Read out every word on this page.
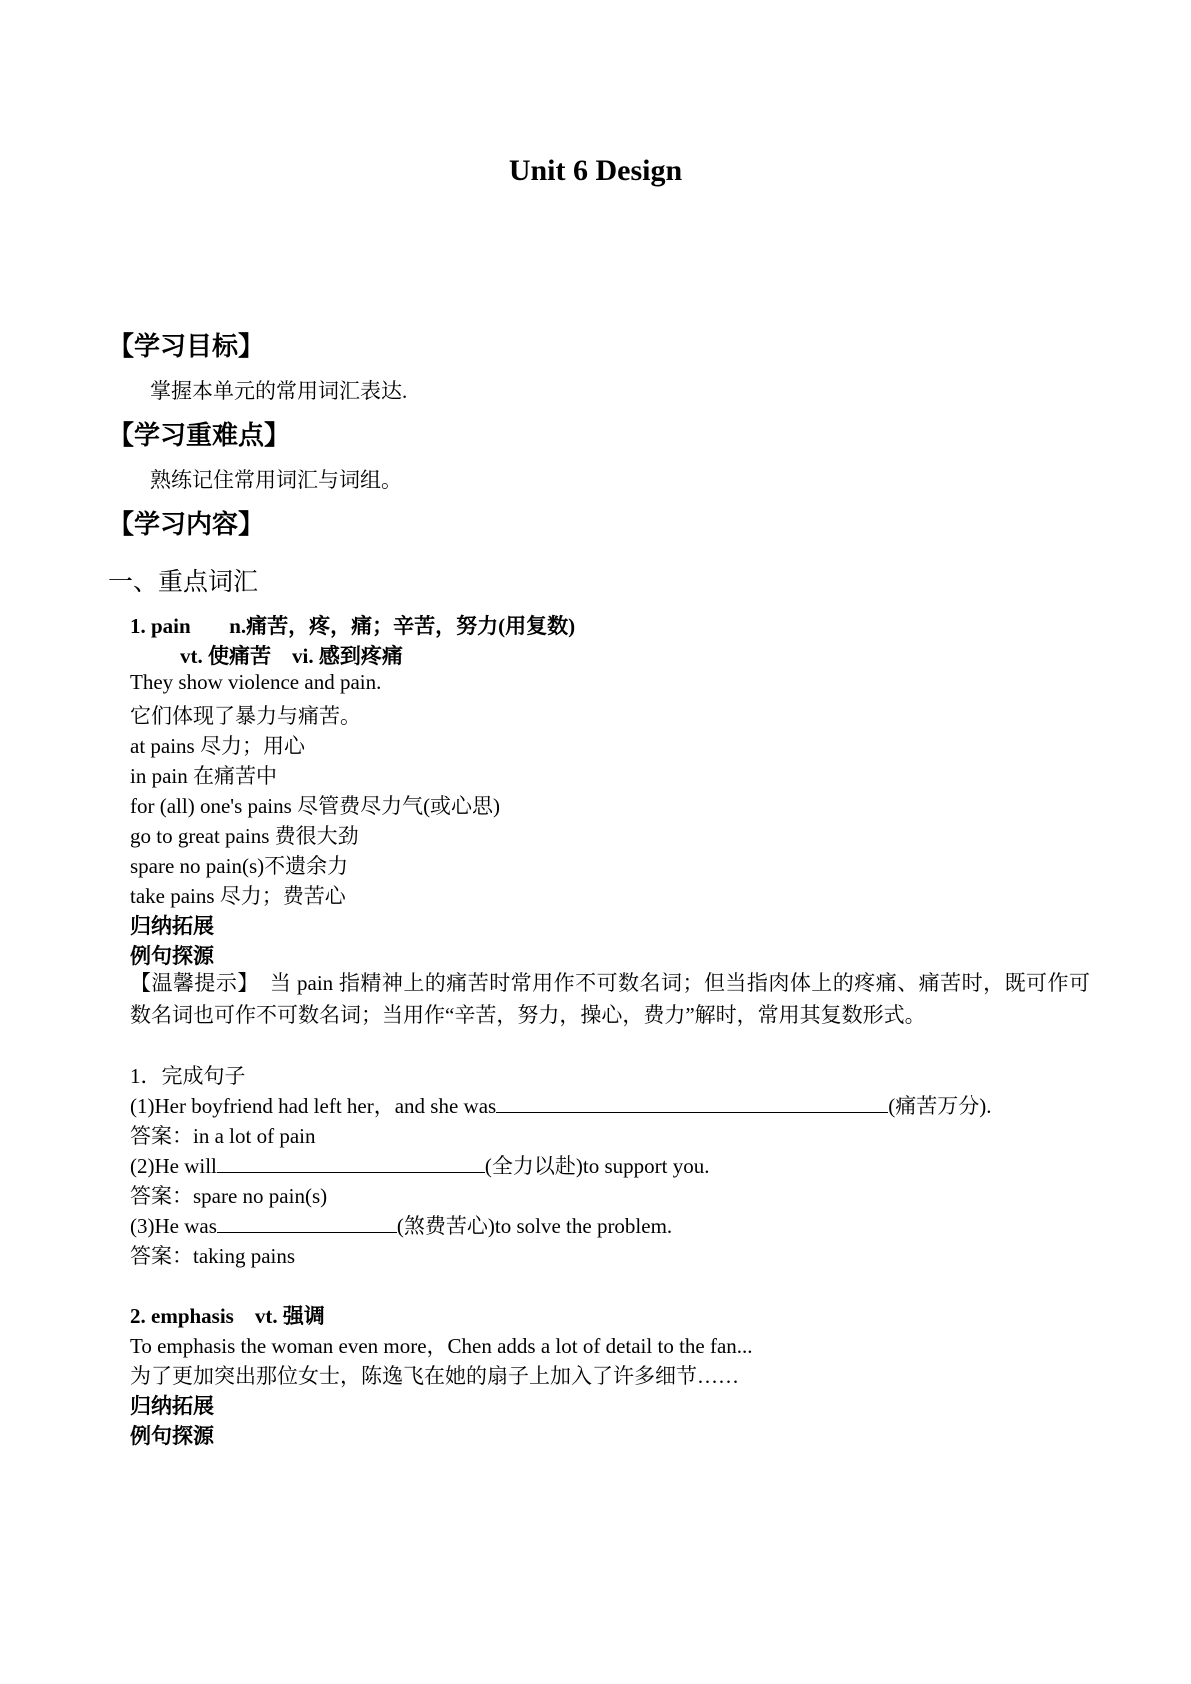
Unit 6 Design
【学习目标】
掌握本单元的常用词汇表达.
【学习重难点】
熟练记住常用词汇与词组。
【学习内容】
一、重点词汇
1. pain n.痛苦，疼，痛；辛苦，努力(用复数)
vt. 使痛苦　vi. 感到疼痛
They show violence and pain.
它们体现了暴力与痛苦。
at pains 尽力；用心
in pain 在痛苦中
for (all) one's pains 尽管费尽力气(或心思)
go to great pains 费很大劲
spare no pain(s)不遗余力
take pains 尽力；费苦心
归纳拓展
例句探源
【温馨提示】　当 pain 指精神上的痛苦时常用作不可数名词；但当指肉体上的疼痛、痛苦时，既可作可数名词也可作不可数名词；当用作“辛苦，努力，操心，费力”解时，常用其复数形式。
1．完成句子
(1)Her boyfriend had left her，and she was	(痛苦万分).
答案：in a lot of pain
(2)He will	(全力以赴)to support you.
答案：spare no pain(s)
(3)He was	(煞费苦心)to solve the problem.
答案：taking pains
2. emphasis　vt. 强调
To emphasis the woman even more，Chen adds a lot of detail to the fan...
为了更加突出那位女士，陈逸飞在她的扇子上加入了许多细节……
归纳拓展
例句探源
